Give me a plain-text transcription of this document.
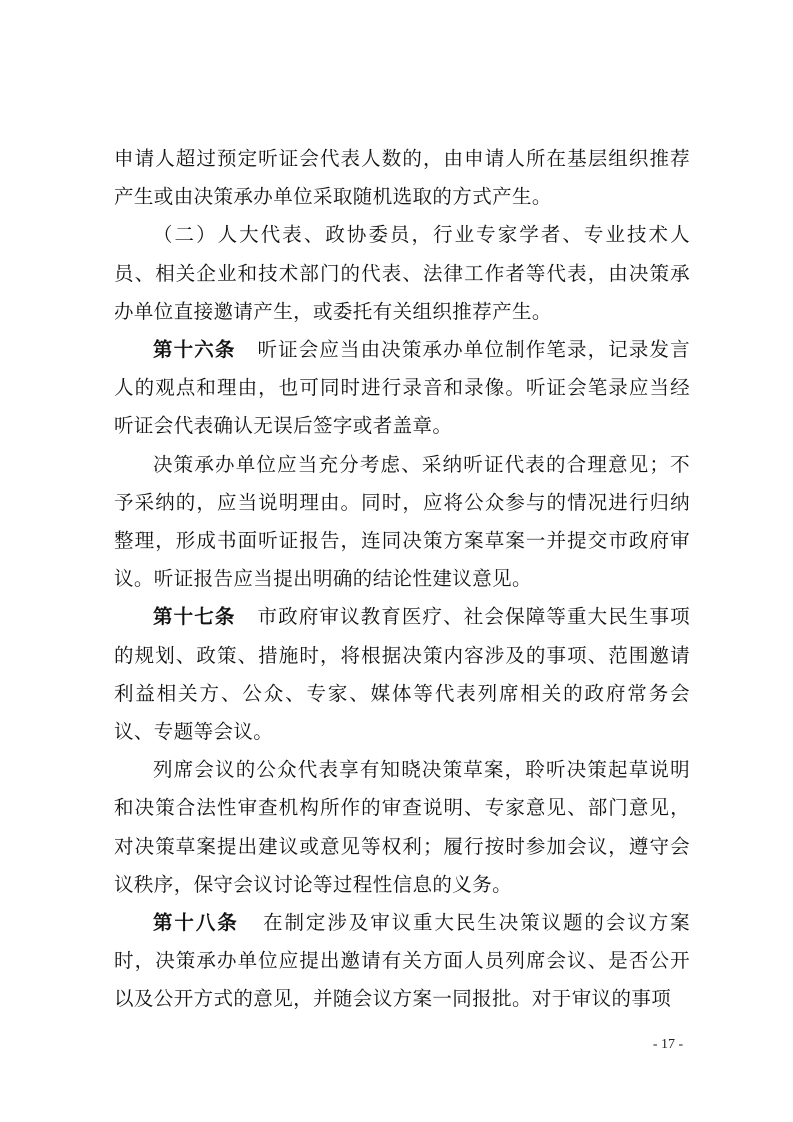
申请人超过预定听证会代表人数的，由申请人所在基层组织推荐产生或由决策承办单位采取随机选取的方式产生。

（二）人大代表、政协委员，行业专家学者、专业技术人员、相关企业和技术部门的代表、法律工作者等代表，由决策承办单位直接邀请产生，或委托有关组织推荐产生。

第十六条 听证会应当由决策承办单位制作笔录，记录发言人的观点和理由，也可同时进行录音和录像。听证会笔录应当经听证会代表确认无误后签字或者盖章。

决策承办单位应当充分考虑、采纳听证代表的合理意见；不予采纳的，应当说明理由。同时，应将公众参与的情况进行归纳整理，形成书面听证报告，连同决策方案草案一并提交市政府审议。听证报告应当提出明确的结论性建议意见。

第十七条 市政府审议教育医疗、社会保障等重大民生事项的规划、政策、措施时，将根据决策内容涉及的事项、范围邀请利益相关方、公众、专家、媒体等代表列席相关的政府常务会议、专题等会议。

列席会议的公众代表享有知晓决策草案，聆听决策起草说明和决策合法性审查机构所作的审查说明、专家意见、部门意见，对决策草案提出建议或意见等权利；履行按时参加会议，遵守会议秩序，保守会议讨论等过程性信息的义务。

第十八条 在制定涉及审议重大民生决策议题的会议方案时，决策承办单位应提出邀请有关方面人员列席会议、是否公开以及公开方式的意见，并随会议方案一同报批。对于审议的事项

- 17 -
